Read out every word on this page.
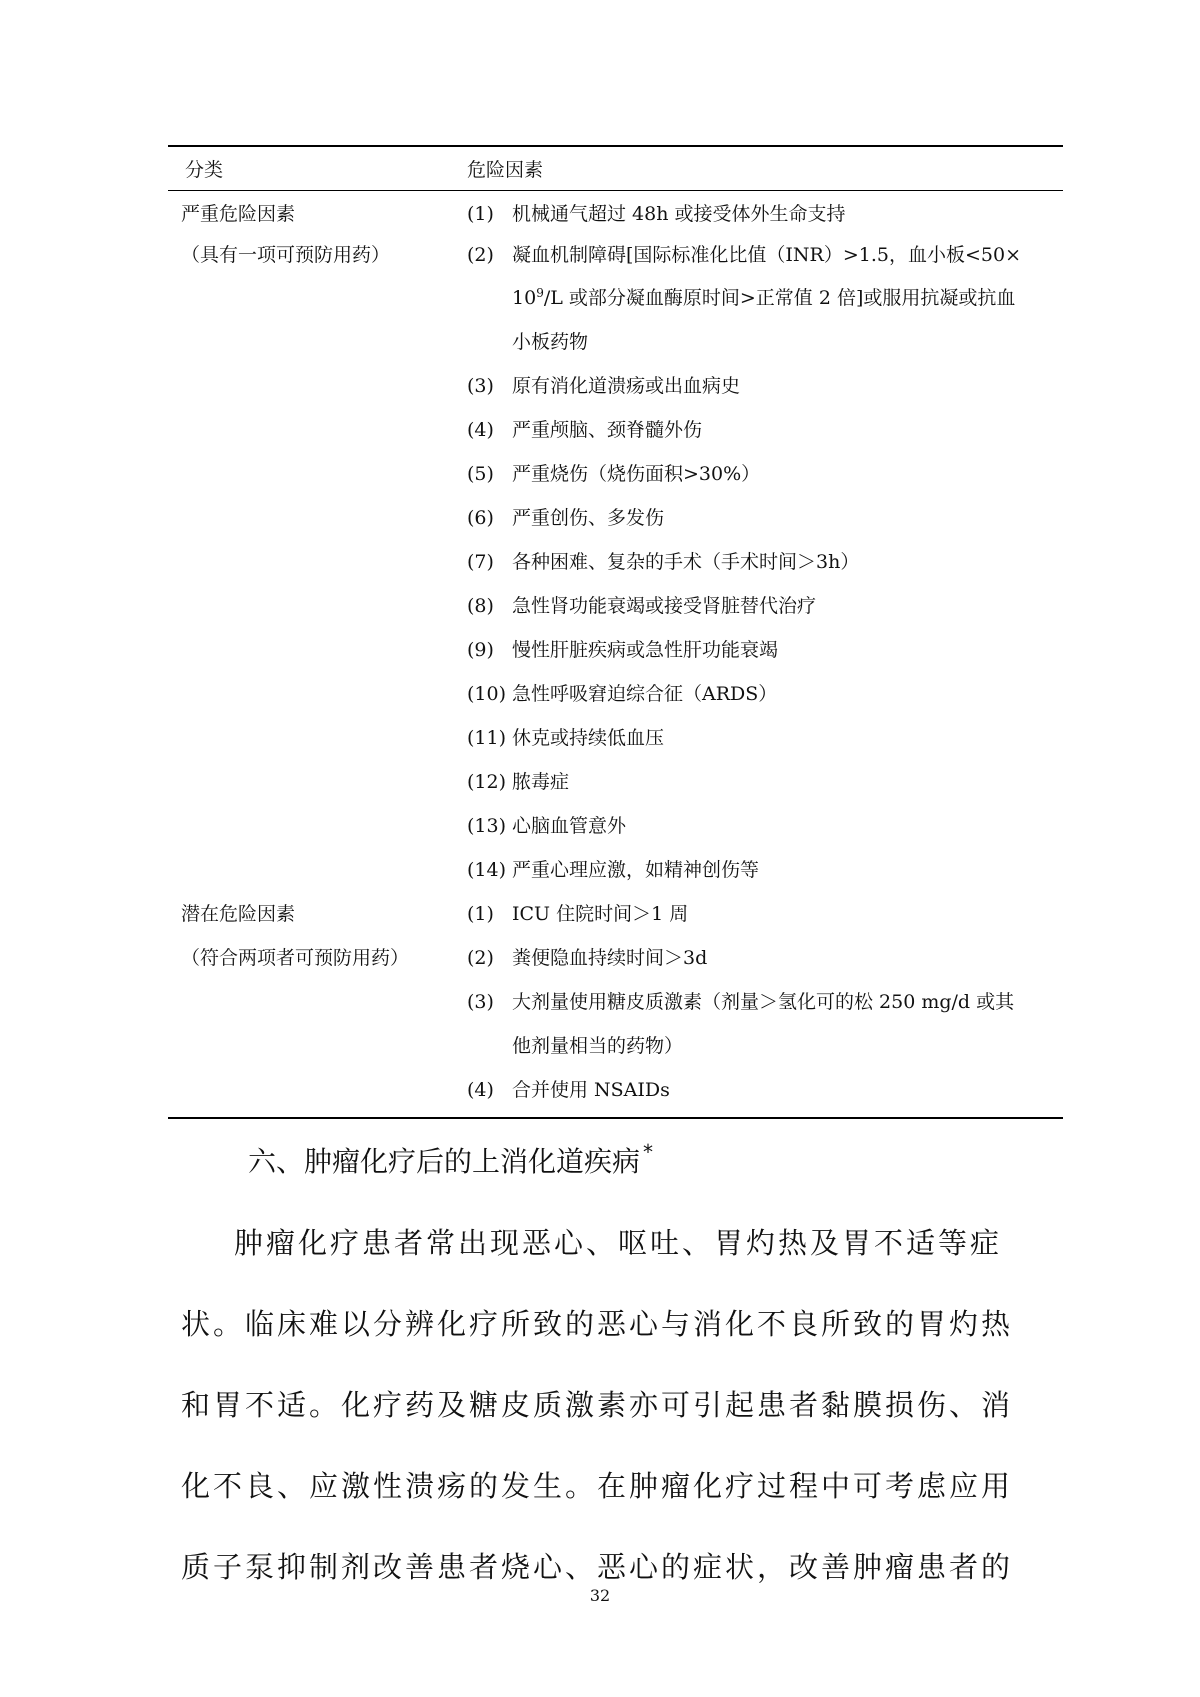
分类	危险因素
严重危险因素
（具有一项可预防用药）
(1) 机械通气超过 48h 或接受体外生命支持
(2) 凝血机制障碍[国际标准化比值（INR）>1.5，血小板<50×
$10^9/L$ 或部分凝血酶原时间>正常值 2 倍]或服用抗凝或抗血
小板药物
(3) 原有消化道溃疡或出血病史
(4) 严重颅脑、颈脊髓外伤
(5) 严重烧伤（烧伤面积>30%）
(6) 严重创伤、多发伤
(7) 各种困难、复杂的手术（手术时间＞3h）
(8) 急性肾功能衰竭或接受肾脏替代治疗
(9) 慢性肝脏疾病或急性肝功能衰竭
(10) 急性呼吸窘迫综合征（ARDS）
(11) 休克或持续低血压
(12) 脓毒症
(13) 心脑血管意外
(14) 严重心理应激，如精神创伤等
潜在危险因素
（符合两项者可预防用药）
(1) ICU 住院时间＞1 周
(2) 粪便隐血持续时间＞3d
(3) 大剂量使用糖皮质激素（剂量＞氢化可的松 250 mg/d 或其
他剂量相当的药物）
(4) 合并使用 NSAIDs
六、肿瘤化疗后的上消化道疾病 *
肿瘤化疗患者常出现恶心、呕吐、胃灼热及胃不适等症
状。临床难以分辨化疗所致的恶心与消化不良所致的胃灼热
和胃不适。化疗药及糖皮质激素亦可引起患者黏膜损伤、消
化不良、应激性溃疡的发生。在肿瘤化疗过程中可考虑应用
质子泵抑制剂改善患者烧心、恶心的症状，改善肿瘤患者的
32
